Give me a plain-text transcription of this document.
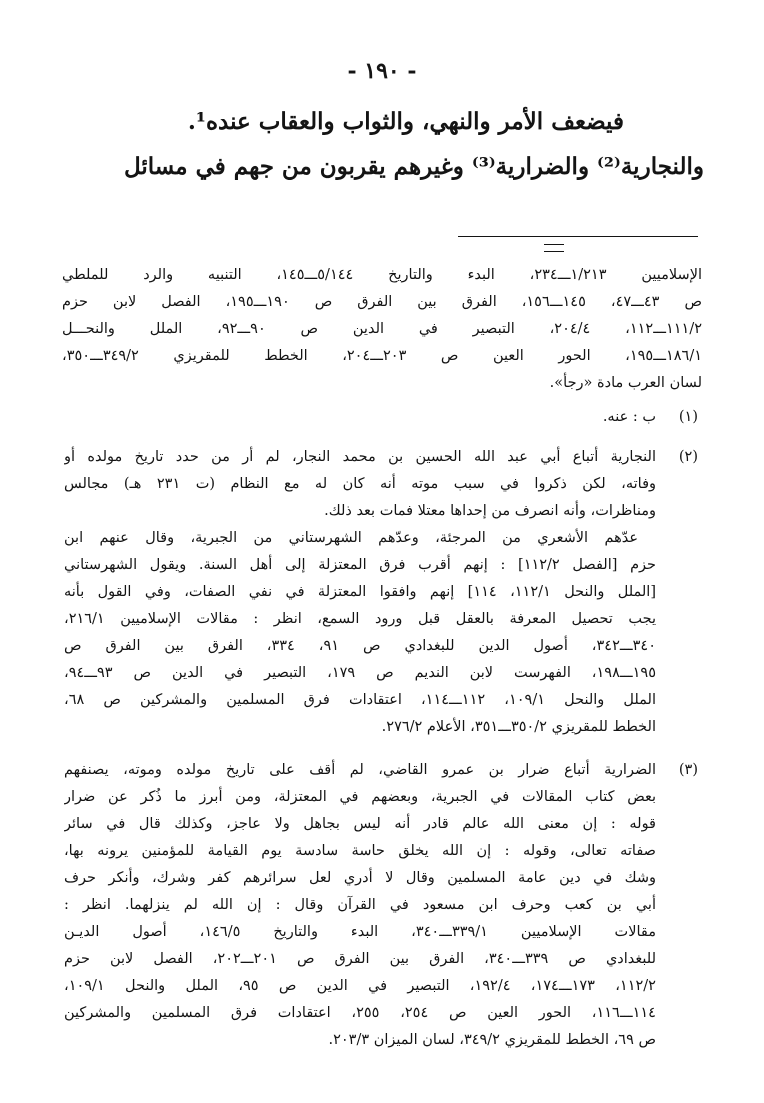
- ١٩٠ -
فيضعف الأمر والنهي، والثواب والعقاب عنده¹.
والنجارية⁽²⁾ والضرارية⁽³⁾ وغيرهم يقربون من جهم في مسائل
الإسلاميين ١/٢١٣ـــ٢٣٤، البدء والتاريخ ٥/١٤٤ـــ١٤٥، التنبيه والرد للملطي
ص ٤٣ـــ٤٧، ١٤٥ـــ١٥٦، الفرق بين الفرق ص ١٩٠ـــ١٩٥، الفصل لابن حزم
١١١/٢ـــ١١٢، ٢٠٤/٤، التبصير في الدين ص ٩٠ـــ٩٢، الملل والنحـــل
١٨٦/١ـــ١٩٥، الحور العين ص ٢٠٣ـــ٢٠٤، الخطط للمقريزي ٣٤٩/٢ـــ٣٥٠،
لسان العرب مادة «رجأ».
(١)
ب : عنه.
(٢)
النجارية أتباع أبي عبد الله الحسين بن محمد النجار، لم أر من حدد تاريخ مولده أو
وفاته، لكن ذكروا في سبب موته أنه كان له مع النظام (ت ٢٣١ هـ) مجالس
ومناظرات، وأنه انصرف من إحداها معتلا فمات بعد ذلك.
عدّهم الأشعري من المرجئة، وعدّهم الشهرستاني من الجبرية، وقال عنهم ابن
حزم [الفصل ١١٢/٢] : إنهم أقرب فرق المعتزلة إلى أهل السنة. ويقول الشهرستاني
[الملل والنحل ١١٢/١، ١١٤] إنهم وافقوا المعتزلة في نفي الصفات، وفي القول بأنه
يجب تحصيل المعرفة بالعقل قبل ورود السمع، انظر : مقالات الإسلاميين ٢١٦/١،
٣٤٠ـــ٣٤٢، أصول الدين للبغدادي ص ٩١، ٣٣٤، الفرق بين الفرق ص
١٩٥ـــ١٩٨، الفهرست لابن النديم ص ١٧٩، التبصير في الدين ص ٩٣ـــ٩٤،
الملل والنحل ١٠٩/١، ١١٢ـــ١١٤، اعتقادات فرق المسلمين والمشركين ص ٦٨،
الخطط للمقريزي ٣٥٠/٢ـــ٣٥١، الأعلام ٢٧٦/٢.
(٣)
الضرارية أتباع ضرار بن عمرو القاضي، لم أقف على تاريخ مولده وموته، يصنفهم
بعض كتاب المقالات في الجبرية، وبعضهم في المعتزلة، ومن أبرز ما ذُكر عن ضرار
قوله : إن معنى الله عالم قادر أنه ليس بجاهل ولا عاجز، وكذلك قال في سائر
صفاته تعالى، وقوله : إن الله يخلق حاسة سادسة يوم القيامة للمؤمنين يرونه بها،
وشك في دين عامة المسلمين وقال لا أدري لعل سرائرهم كفر وشرك، وأنكر حرف
أبي بن كعب وحرف ابن مسعود في القرآن وقال : إن الله لم ينزلهما. انظر :
مقالات الإسلاميين ٣٣٩/١ـــ٣٤٠، البدء والتاريخ ١٤٦/٥، أصول الديـن
للبغدادي ص ٣٣٩ـــ٣٤٠، الفرق بين الفرق ص ٢٠١ـــ٢٠٢، الفصل لابن حزم
١١٢/٢، ١٧٣ـــ١٧٤، ١٩٢/٤، التبصير في الدين ص ٩٥، الملل والنحل ١٠٩/١،
١١٤ـــ١١٦، الحور العين ص ٢٥٤، ٢٥٥، اعتقادات فرق المسلمين والمشركين
ص ٦٩، الخطط للمقريزي ٣٤٩/٢، لسان الميزان ٢٠٣/٣.
